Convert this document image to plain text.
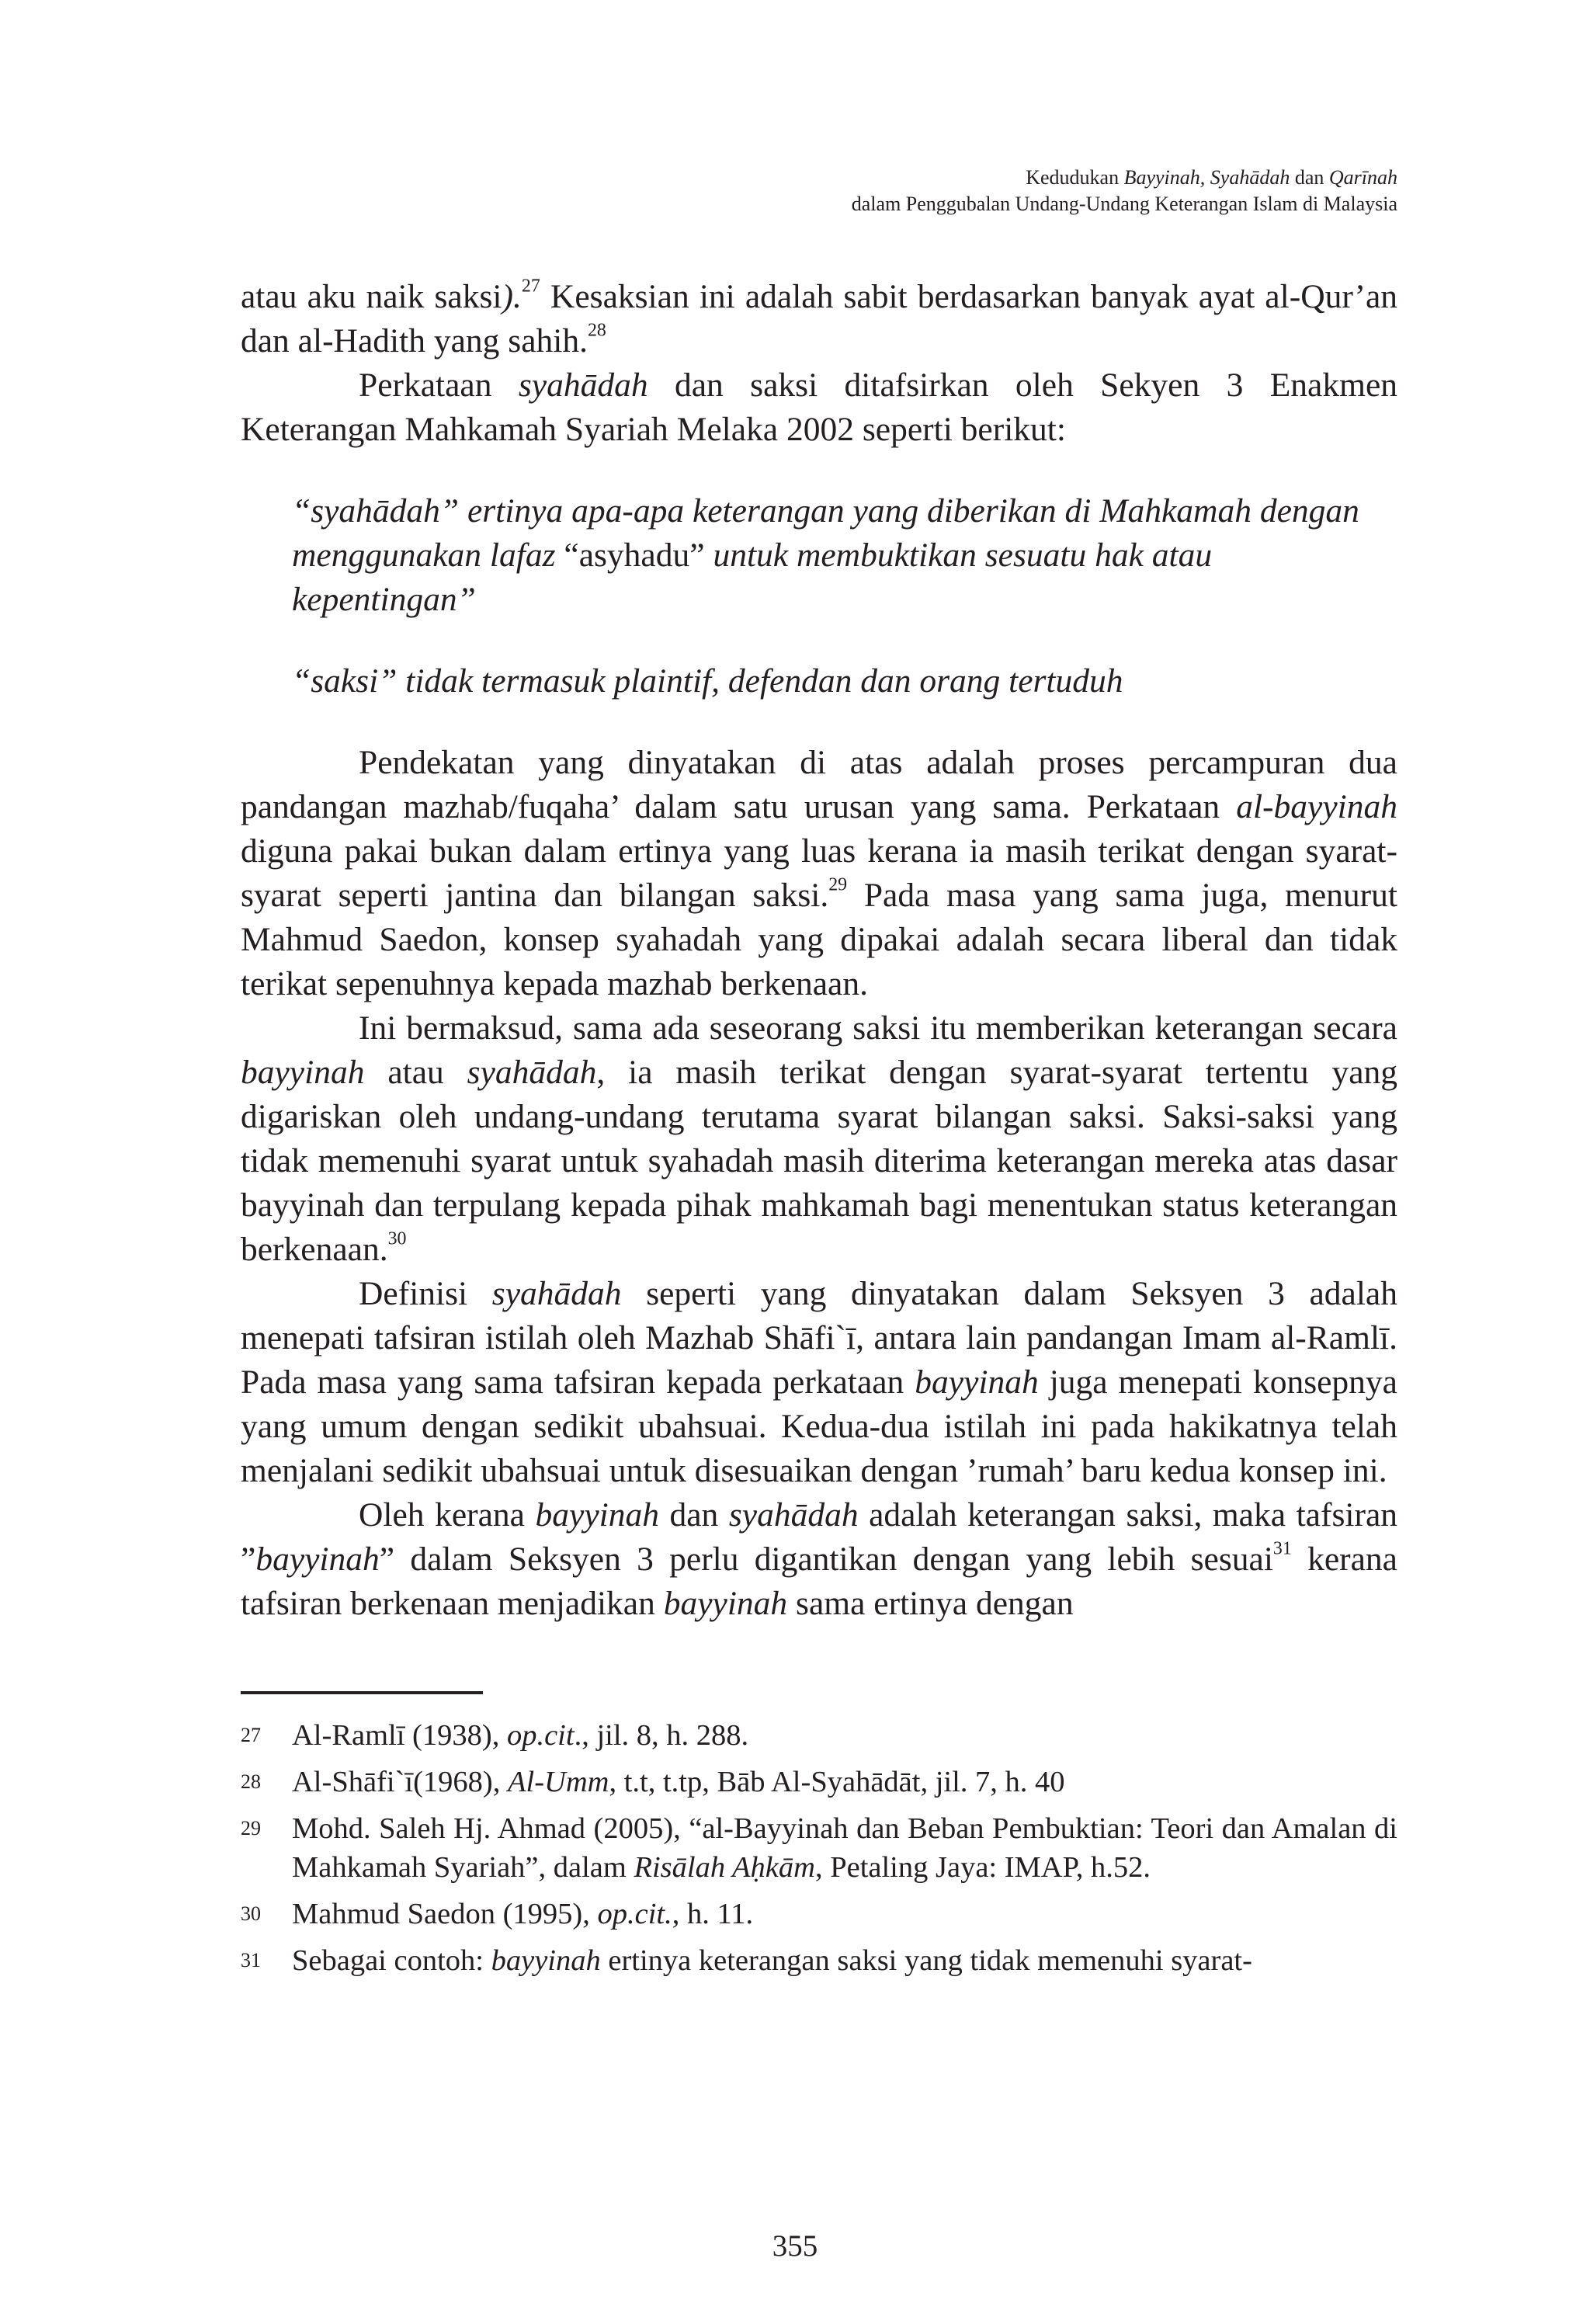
Kedudukan Bayyinah, Syahādah dan Qarīnah
dalam Penggubalan Undang-Undang Keterangan Islam di Malaysia

atau aku naik saksi).$^{27}$ Kesaksian ini adalah sabit berdasarkan banyak ayat al-Qur’an dan al-Hadith yang sahih.$^{28}$

Perkataan syahādah dan saksi ditafsirkan oleh Sekyen 3 Enakmen Keterangan Mahkamah Syariah Melaka 2002 seperti berikut:

“syahādah” ertinya apa-apa keterangan yang diberikan di Mahkamah dengan menggunakan lafaz “asyhadu” untuk membuktikan sesuatu hak atau kepentingan”

“saksi” tidak termasuk plaintif, defendan dan orang tertuduh

Pendekatan yang dinyatakan di atas adalah proses percampuran dua pandangan mazhab/fuqaha’ dalam satu urusan yang sama. Perkataan al-bayyinah diguna pakai bukan dalam ertinya yang luas kerana ia masih terikat dengan syarat-syarat seperti jantina dan bilangan saksi.$^{29}$ Pada masa yang sama juga, menurut Mahmud Saedon, konsep syahadah yang dipakai adalah secara liberal dan tidak terikat sepenuhnya kepada mazhab berkenaan.

Ini bermaksud, sama ada seseorang saksi itu memberikan keterangan secara bayyinah atau syahādah, ia masih terikat dengan syarat-syarat tertentu yang digariskan oleh undang-undang terutama syarat bilangan saksi. Saksi-saksi yang tidak memenuhi syarat untuk syahadah masih diterima keterangan mereka atas dasar bayyinah dan terpulang kepada pihak mahkamah bagi menentukan status keterangan berkenaan.$^{30}$

Definisi syahādah seperti yang dinyatakan dalam Seksyen 3 adalah menepati tafsiran istilah oleh Mazhab Shāfi`ī, antara lain pandangan Imam al-Ramlī. Pada masa yang sama tafsiran kepada perkataan bayyinah juga menepati konsepnya yang umum dengan sedikit ubahsuai. Kedua-dua istilah ini pada hakikatnya telah menjalani sedikit ubahsuai untuk disesuaikan dengan ’rumah’ baru kedua konsep ini.

Oleh kerana bayyinah dan syahādah adalah keterangan saksi, maka tafsiran ”bayyinah” dalam Seksyen 3 perlu digantikan dengan yang lebih sesuai$^{31}$ kerana tafsiran berkenaan menjadikan bayyinah sama ertinya dengan

27 Al-Ramlī (1938), op.cit., jil. 8, h. 288.
28 Al-Shāfi`ī(1968), Al-Umm, t.t, t.tp, Bāb Al-Syahādāt, jil. 7, h. 40
29 Mohd. Saleh Hj. Ahmad (2005), “al-Bayyinah dan Beban Pembuktian: Teori dan Amalan di Mahkamah Syariah”, dalam Risālah Aḥkām, Petaling Jaya: IMAP, h.52.
30 Mahmud Saedon (1995), op.cit., h. 11.
31 Sebagai contoh: bayyinah ertinya keterangan saksi yang tidak memenuhi syarat-
355
